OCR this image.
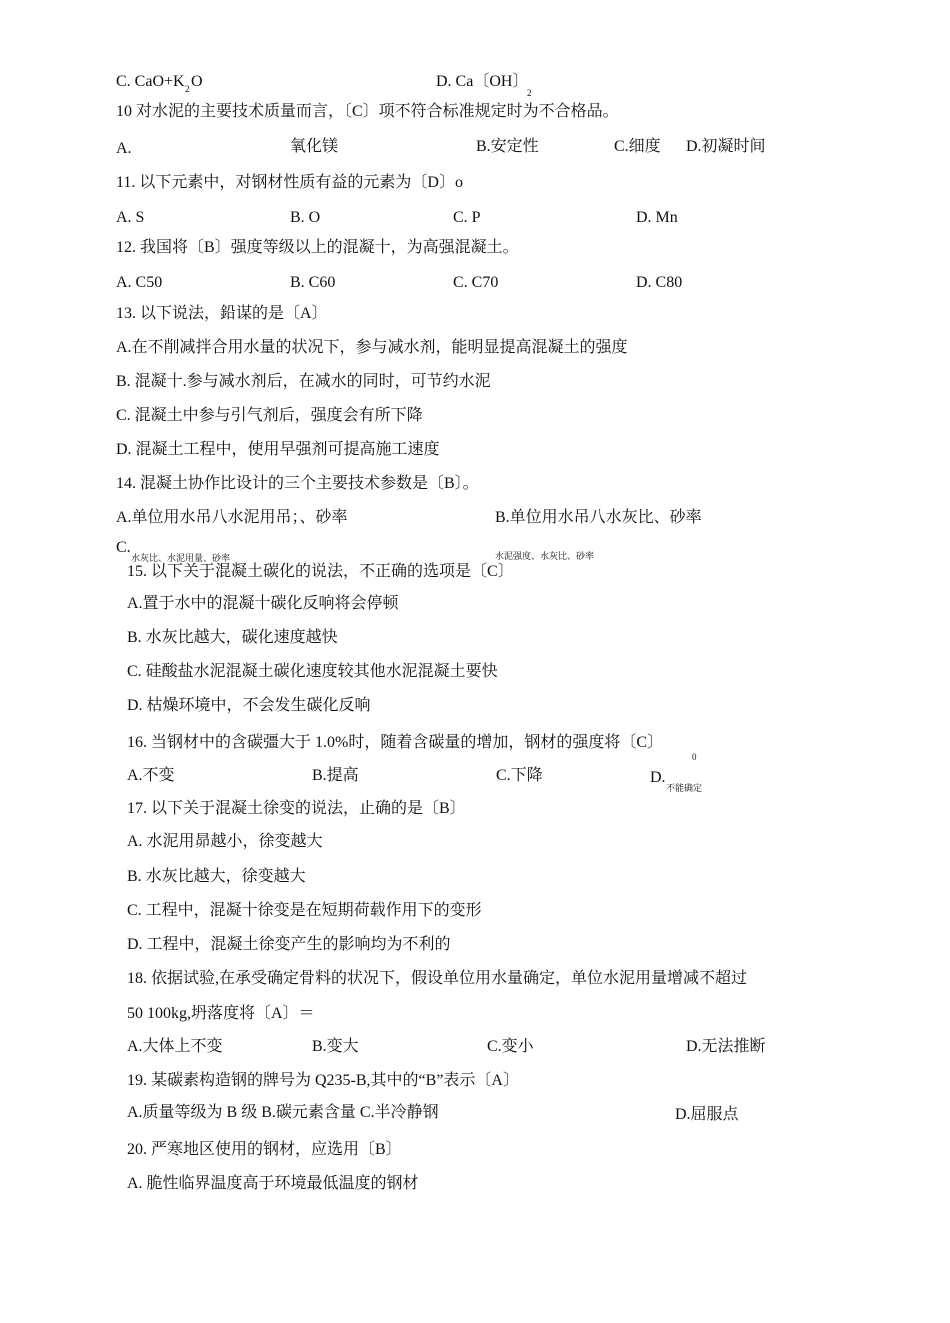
C. CaO+K 2 O	D. Ca〔OH〕
2
10 对水泥的主要技术质量而言，〔C〕项不符合标准规定时为不合格品。
A.	氧化镁	B.安定性	C.细度 D.初凝时间
11. 以下元素中，对钢材性质有益的元素为〔D〕o
A. S	B. O	C. P	D. Mn
12. 我国将〔B〕强度等级以上的混凝十，为高强混凝土。
A. C50	B. C60	C. C70	D. C80
13. 以下说法，鉛谋的是〔A〕
A.在不削减拌合用水量的状况下，参与减水剂，能明显提高混凝土的强度
B. 混凝十.参与减水剂后，在减水的同时，可节约水泥
C. 混凝土中参与引气剂后，强度会有所下降
D. 混凝土工程中，使用早强剂可提高施工速度
14. 混凝土协作比设计的三个主要技术参数是〔B〕。
A.单位用水吊八水泥用吊；、砂率	B.单位用水吊八水灰比、砂率
C.
水灰比、水泥用量、砂率	水泥强度、水灰比、砂率
15. 以下关于混凝土碳化的说法，不正确的选项是〔C〕
A.置于水中的混凝十碳化反响将会停顿
B. 水灰比越大，碳化速度越快
C. 硅酸盐水泥混凝土碳化速度较其他水泥混凝土要快
D. 枯燥环境中，不会发生碳化反响
16. 当钢材中的含碳彊大于 1.0%时，随着含碳量的增加，钢材的强度将〔C〕
0
A.不变	B.提高	C.下降	D.
不能确定
17. 以下关于混凝土徐变的说法，止确的是〔B〕
A. 水泥用昴越小，徐变越大
B. 水灰比越大，徐变越大
C. 工程中，混凝十徐变是在短期荷载作用下的变形
D. 工程中，混凝土徐变产生的影响均为不利的
18. 依据试验,在承受确定骨料的状况下，假设单位用水量确定，单位水泥用量增减不超过
50 100kg,坍落度将〔A〕＝
A.大体上不变	B.变大	C.变小	D.无法推断
19. 某碳素构造钢的牌号为 Q235-B,其中的“B”表示〔A〕
A.质量等级为 B 级 B.碳元素含量 C.半冷静钢	D.屈服点
20. 严寒地区使用的钢材，应选用〔B〕
A. 脆性临界温度高于环境最低温度的钢材
